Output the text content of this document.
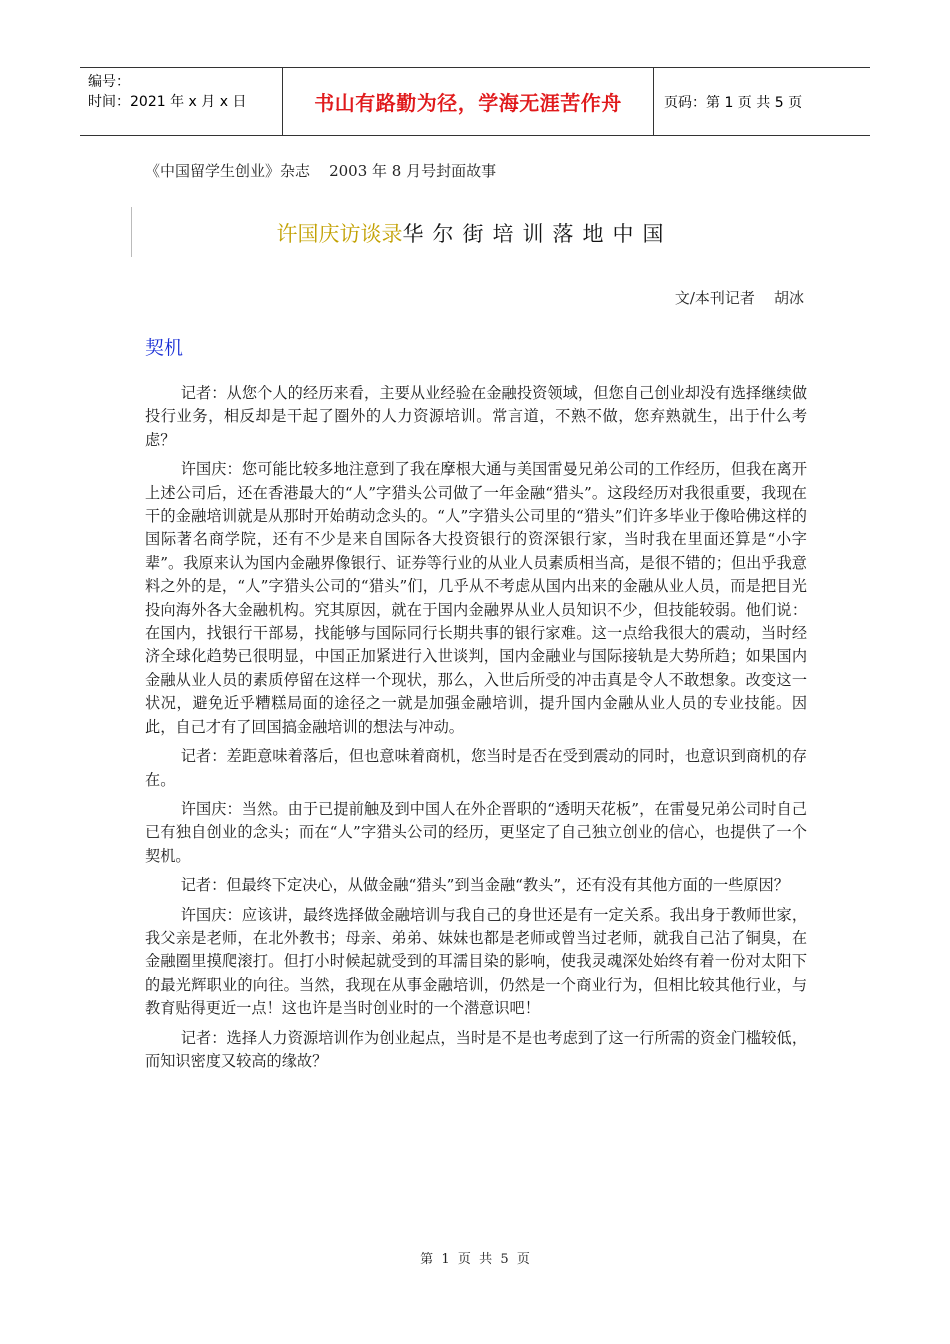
编号：
时间：2021 年 x 月 x 日	书山有路勤为径，学海无涯苦作舟	页码：第 1 页 共 5 页
《中国留学生创业》杂志    2003 年 8 月号封面故事
许国庆访谈录华尔街培训落地中国
文/本刊记者    胡冰
契机

记者：从您个人的经历来看，主要从业经验在金融投资领域，但您自己创业却没有选择继续做投行业务，相反却是干起了圈外的人力资源培训。常言道，不熟不做，您弃熟就生，出于什么考虑？

许国庆：您可能比较多地注意到了我在摩根大通与美国雷曼兄弟公司的工作经历，但我在离开上述公司后，还在香港最大的“人”字猎头公司做了一年金融“猎头”。这段经历对我很重要，我现在干的金融培训就是从那时开始萌动念头的。“人”字猎头公司里的“猎头”们许多毕业于像哈佛这样的国际著名商学院，还有不少是来自国际各大投资银行的资深银行家，当时我在里面还算是“小字辈”。我原来认为国内金融界像银行、证券等行业的从业人员素质相当高，是很不错的；但出乎我意料之外的是，“人”字猎头公司的“猎头”们，几乎从不考虑从国内出来的金融从业人员，而是把目光投向海外各大金融机构。究其原因，就在于国内金融界从业人员知识不少，但技能较弱。他们说：在国内，找银行干部易，找能够与国际同行长期共事的银行家难。这一点给我很大的震动，当时经济全球化趋势已很明显，中国正加紧进行入世谈判，国内金融业与国际接轨是大势所趋；如果国内金融从业人员的素质停留在这样一个现状，那么，入世后所受的冲击真是令人不敢想象。改变这一状况，避免近乎糟糕局面的途径之一就是加强金融培训，提升国内金融从业人员的专业技能。因此，自己才有了回国搞金融培训的想法与冲动。

记者：差距意味着落后，但也意味着商机，您当时是否在受到震动的同时，也意识到商机的存在。

许国庆：当然。由于已提前触及到中国人在外企晋职的“透明天花板”，在雷曼兄弟公司时自己已有独自创业的念头；而在“人”字猎头公司的经历，更坚定了自己独立创业的信心，也提供了一个契机。

记者：但最终下定决心，从做金融“猎头”到当金融“教头”，还有没有其他方面的一些原因？

许国庆：应该讲，最终选择做金融培训与我自己的身世还是有一定关系。我出身于教师世家，我父亲是老师，在北外教书；母亲、弟弟、妹妹也都是老师或曾当过老师，就我自己沾了铜臭，在金融圈里摸爬滚打。但打小时候起就受到的耳濡目染的影响，使我灵魂深处始终有着一份对太阳下的最光辉职业的向往。当然，我现在从事金融培训，仍然是一个商业行为，但相比较其他行业，与教育贴得更近一点！这也许是当时创业时的一个潜意识吧！

记者：选择人力资源培训作为创业起点，当时是不是也考虑到了这一行所需的资金门槛较低，而知识密度又较高的缘故？

第  1  页  共  5  页
